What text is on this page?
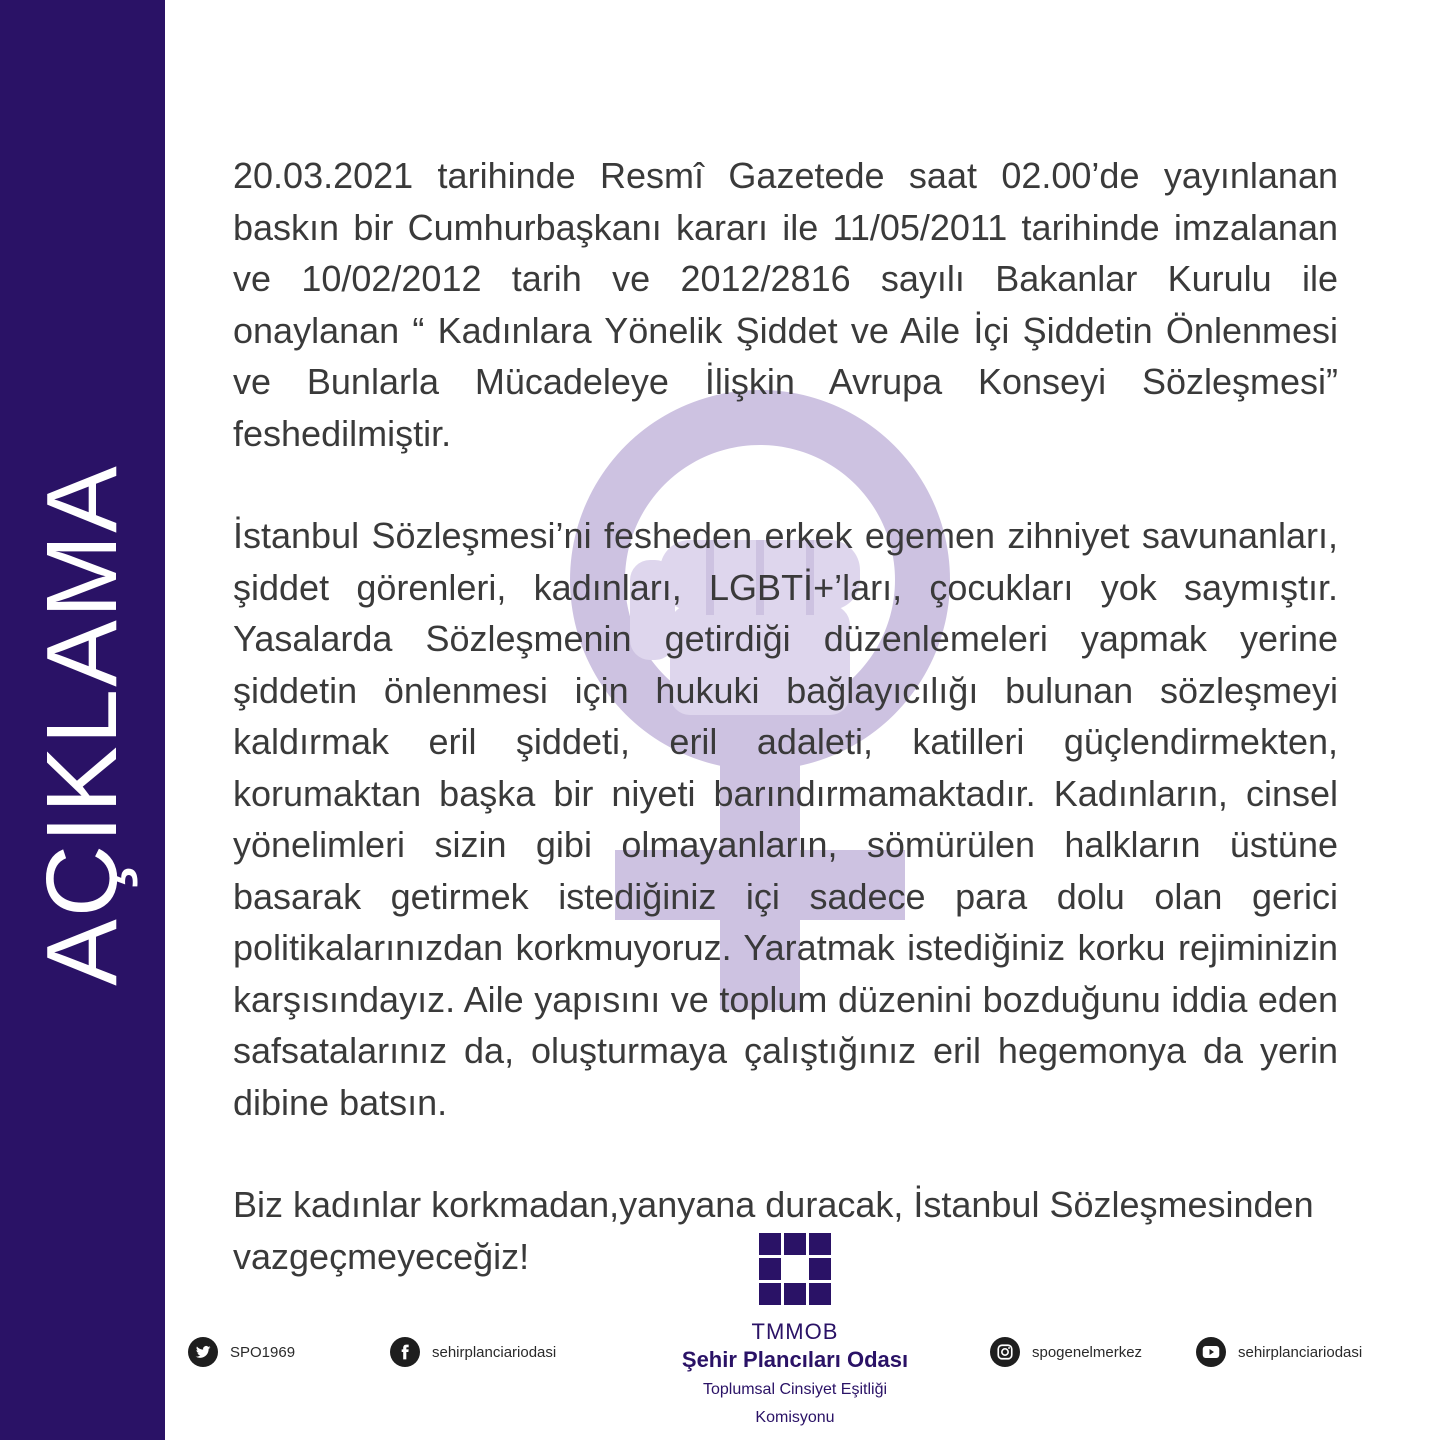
AÇIKLAMA

20.03.2021 tarihinde Resmî Gazetede saat 02.00’de yayınlanan baskın bir Cumhurbaşkanı kararı ile 11/05/2011 tarihinde imzalanan ve 10/02/2012 tarih ve 2012/2816 sayılı Bakanlar Kurulu ile onaylanan “ Kadınlara Yönelik Şiddet ve Aile İçi Şiddetin Önlenmesi ve Bunlarla Mücadeleye İlişkin Avrupa Konseyi Sözleşmesi” feshedilmiştir.

İstanbul Sözleşmesi’ni fesheden erkek egemen zihniyet savunanları, şiddet görenleri, kadınları, LGBTİ+’ları, çocukları yok saymıştır. Yasalarda Sözleşmenin getirdiği düzenlemeleri yapmak yerine şiddetin önlenmesi için hukuki bağlayıcılığı bulunan sözleşmeyi kaldırmak eril şiddeti, eril adaleti, katilleri güçlendirmekten, korumaktan başka bir niyeti barındırmamaktadır. Kadınların, cinsel yönelimleri sizin gibi olmayanların, sömürülen halkların üstüne basarak getirmek istediğiniz içi sadece para dolu olan gerici politikalarınızdan korkmuyoruz. Yaratmak istediğiniz korku rejiminizin karşısındayız. Aile yapısını ve toplum düzenini bozduğunu iddia eden safsatalarınız da, oluşturmaya çalıştığınız eril hegemonya da yerin dibine batsın.

Biz kadınlar korkmadan,yanyana duracak, İstanbul Sözleşmesinden
vazgeçmeyeceğiz!
TMMOB
Şehir Plancıları Odası
Toplumsal Cinsiyet Eşitliği
Komisyonu
SPO1969	sehirplanciariodasi	spogenelmerkez	sehirplanciariodasi
